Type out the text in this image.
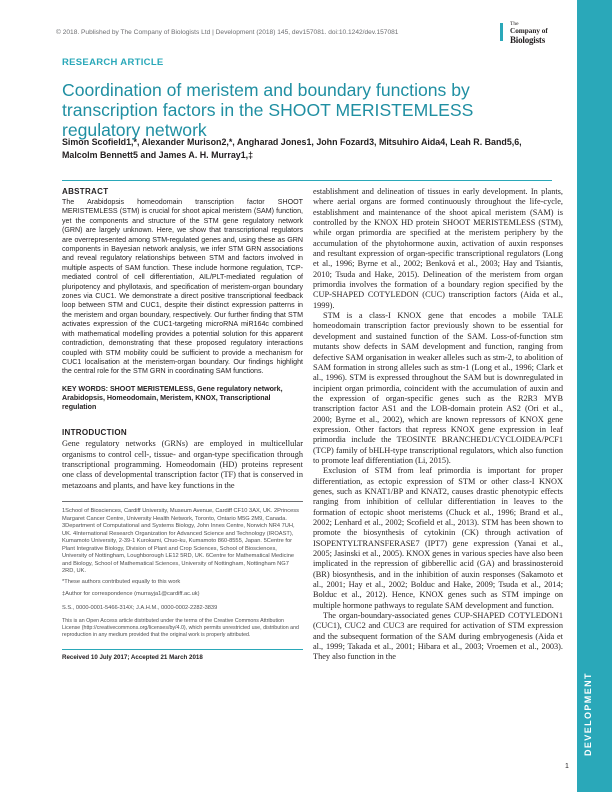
© 2018. Published by The Company of Biologists Ltd | Development (2018) 145, dev157081. doi:10.1242/dev.157081
The
Company of
Biologists
RESEARCH ARTICLE
Coordination of meristem and boundary functions by transcription factors in the SHOOT MERISTEMLESS regulatory network
Simon Scofield1,*, Alexander Murison2,*, Angharad Jones1, John Fozard3, Mitsuhiro Aida4, Leah R. Band5,6, Malcolm Bennett5 and James A. H. Murray1,‡
ABSTRACT
The Arabidopsis homeodomain transcription factor SHOOT MERISTEMLESS (STM) is crucial for shoot apical meristem (SAM) function, yet the components and structure of the STM gene regulatory network (GRN) are largely unknown. Here, we show that transcriptional regulators are overrepresented among STM-regulated genes and, using these as GRN components in Bayesian network analysis, we infer STM GRN associations and reveal regulatory relationships between STM and factors involved in multiple aspects of SAM function. These include hormone regulation, TCP-mediated control of cell differentiation, AIL/PLT-mediated regulation of pluripotency and phyllotaxis, and specification of meristem-organ boundary zones via CUC1. We demonstrate a direct positive transcriptional feedback loop between STM and CUC1, despite their distinct expression patterns in the meristem and organ boundary, respectively. Our further finding that STM activates expression of the CUC1-targeting microRNA miR164c combined with mathematical modelling provides a potential solution for this apparent contradiction, demonstrating that these proposed regulatory interactions coupled with STM mobility could be sufficient to provide a mechanism for CUC1 localisation at the meristem-organ boundary. Our findings highlight the central role for the STM GRN in coordinating SAM functions.
KEY WORDS: SHOOT MERISTEMLESS, Gene regulatory network, Arabidopsis, Homeodomain, Meristem, KNOX, Transcriptional regulation
INTRODUCTION
Gene regulatory networks (GRNs) are employed in multicellular organisms to control cell-, tissue- and organ-type specification through transcriptional programming. Homeodomain (HD) proteins represent one class of developmental transcription factor (TF) that is conserved in metazoans and plants, and have key functions in the
1School of Biosciences, Cardiff University, Museum Avenue, Cardiff CF10 3AX, UK. 2Princess Margaret Cancer Centre, University Health Network, Toronto, Ontario M5G 2M9, Canada. 3Department of Computational and Systems Biology, John Innes Centre, Norwich NR4 7UH, UK. 4International Research Organization for Advanced Science and Technology (IROAST), Kumamoto University, 2-39-1 Kurokami, Chuo-ku, Kumamoto 860-8555, Japan. 5Centre for Plant Integrative Biology, Division of Plant and Crop Sciences, School of Biosciences, University of Nottingham, Loughborough LE12 5RD, UK. 6Centre for Mathematical Medicine and Biology, School of Mathematical Sciences, University of Nottingham, Nottingham NG7 2RD, UK.
*These authors contributed equally to this work
‡Author for correspondence (murrayja1@cardiff.ac.uk)
S.S., 0000-0001-5466-314X; J.A.H.M., 0000-0002-2282-3839
This is an Open Access article distributed under the terms of the Creative Commons Attribution License (http://creativecommons.org/licenses/by/4.0), which permits unrestricted use, distribution and reproduction in any medium provided that the original work is properly attributed.
Received 10 July 2017; Accepted 21 March 2018

establishment and delineation of tissues in early development. In plants, where aerial organs are formed continuously throughout the life-cycle, establishment and maintenance of the shoot apical meristem (SAM) is controlled by the KNOX HD protein SHOOT MERISTEMLESS (STM), while organ primordia are specified at the meristem periphery by the accumulation of the phytohormone auxin, activation of auxin responses and resultant expression of organ-specific transcriptional regulators (Long et al., 1996; Byrne et al., 2002; Benková et al., 2003; Hay and Tsiantis, 2010; Tsuda and Hake, 2015). Delineation of the meristem from organ primordia involves the formation of a boundary region specified by the CUP-SHAPED COTYLEDON (CUC) transcription factors (Aida et al., 1999).

STM is a class-I KNOX gene that encodes a mobile TALE homeodomain transcription factor previously shown to be essential for development and sustained function of the SAM. Loss-of-function stm mutants show defects in SAM development and function, ranging from defective SAM organisation in weaker alleles such as stm-2, to abolition of SAM formation in strong alleles such as stm-1 (Long et al., 1996; Clark et al., 1996). STM is expressed throughout the SAM but is downregulated in incipient organ primordia, coincident with the accumulation of auxin and the expression of organ-specific genes such as the R2R3 MYB transcription factor AS1 and the LOB-domain protein AS2 (Ori et al., 2000; Byrne et al., 2002), which are known repressors of KNOX gene expression. Other factors that repress KNOX gene expression in leaf primordia include the TEOSINTE BRANCHED1/CYCLOIDEA/PCF1 (TCP) family of bHLH-type transcriptional regulators, which also function to promote leaf differentiation (Li, 2015).

Exclusion of STM from leaf primordia is important for proper differentiation, as ectopic expression of STM or other class-I KNOX genes, such as KNAT1/BP and KNAT2, causes drastic phenotypic effects ranging from inhibition of cellular differentiation in leaves to the formation of ectopic shoot meristems (Chuck et al., 1996; Brand et al., 2002; Lenhard et al., 2002; Scofield et al., 2013). STM has been shown to promote the biosynthesis of cytokinin (CK) through activation of ISOPENTYLTRANSFERASE7 (IPT7) gene expression (Yanai et al., 2005; Jasinski et al., 2005). KNOX genes in various species have also been implicated in the repression of gibberellic acid (GA) and brassinosteroid (BR) biosynthesis, and in the inhibition of auxin responses (Sakamoto et al., 2001; Hay et al., 2002; Bolduc and Hake, 2009; Tsuda et al., 2014; Bolduc et al., 2012). Hence, KNOX genes such as STM impinge on multiple hormone pathways to regulate SAM development and function.

The organ-boundary-associated genes CUP-SHAPED COTYLEDON1 (CUC1), CUC2 and CUC3 are required for activation of STM expression and the subsequent formation of the SAM during embryogenesis (Aida et al., 1999; Takada et al., 2001; Hibara et al., 2003; Vroemen et al., 2003). They also function in the

DEVELOPMENT
1
